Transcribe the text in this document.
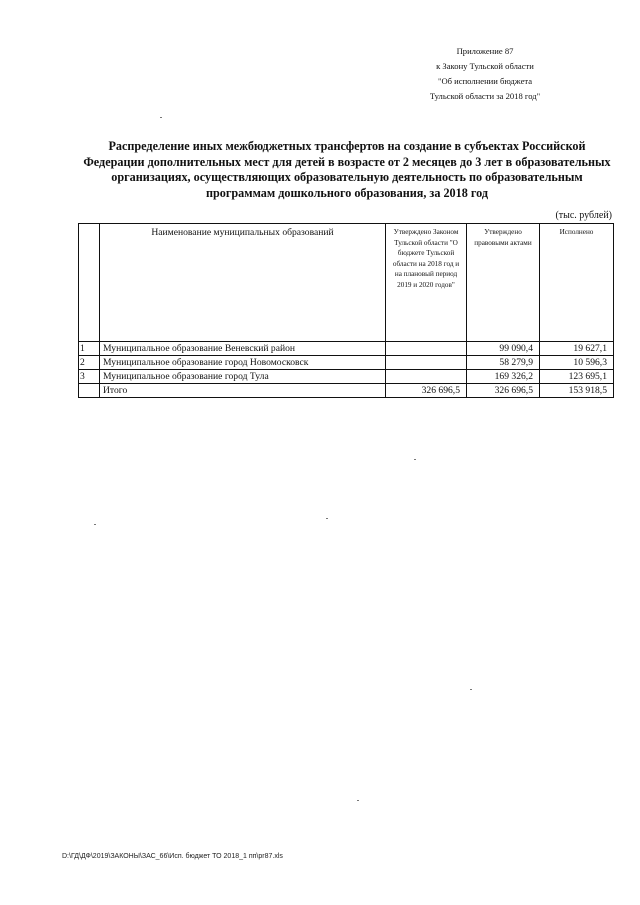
Приложение 87
к Закону Тульской области
"Об исполнении бюджета
Тульской области за 2018 год"
Распределение иных межбюджетных трансфертов на создание в субъектах Российской Федерации дополнительных мест для детей в возрасте от 2 месяцев до 3 лет в образовательных организациях, осуществляющих образовательную деятельность по образовательным программам дошкольного образования, за 2018 год
(тыс. рублей)
	Наименование муниципальных образований	Утверждено Законом Тульской области "О бюджете Тульской области на 2018 год и на плановый период 2019 и 2020 годов"	Утверждено правовыми актами	Исполнено
1	Муниципальное образование Веневский район		99 090,4	19 627,1
2	Муниципальное образование город Новомосковск		58 279,9	10 596,3
3	Муниципальное образование город Тула		169 326,2	123 695,1
	Итого	326 696,5	326 696,5	153 918,5
D:\ГД\ДФ\2019\ЗАКОНЫ\ЗАС_66\Исп. бюджет ТО 2018_1 пп\pr87.xls
